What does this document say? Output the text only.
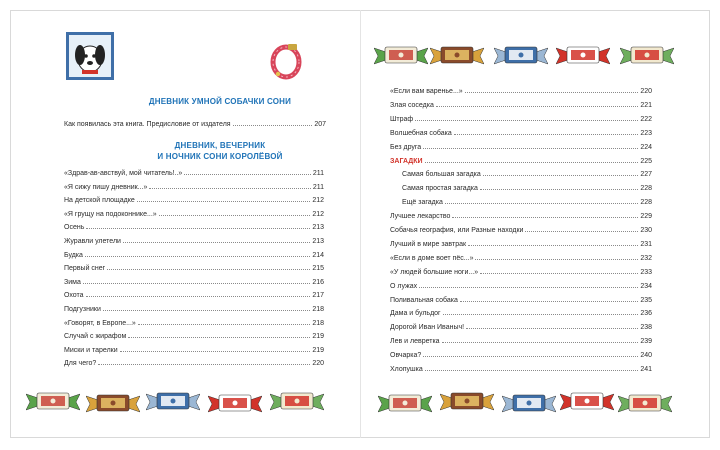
ДНЕВНИК УМНОЙ СОБАЧКИ СОНИ
Как появилась эта книга. Предисловие от издателя	207
ДНЕВНИК, ВЕЧЕРНИК
И НОЧНИК СОНИ КОРОЛЁВОЙ
«Здрав-ав-авствуй, мой читатель!..»	211
«Я сижу пишу дневник...»	211
На детской площадке	212
«Я грущу на подоконнике...»	212
Осень	213
Журавли улетели	213
Будка	214
Первый снег	215
Зима	216
Охота	217
Подгузники	218
«Говорят, в Европе...»	218
Случай с жирафом	219
Миски и тарелки	219
Для чего?	220
«Если вам варенье...»	220
Злая соседка	221
Штраф	222
Волшебная собака	223
Без друга	224
ЗАГАДКИ	225
Самая большая загадка	227
Самая простая загадка	228
Ещё загадка	228
Лучшее лекарство	229
Собачья география, или Разные находки	230
Лучший в мире завтрак	231
«Если в доме воет пёс...»	232
«У людей большие ноги...»	233
О лужах	234
Поливальная собака	235
Дама и бульдог	236
Дорогой Иван Иваныч!	238
Лев и левретка	239
Овчарка?	240
Хлопушка	241
